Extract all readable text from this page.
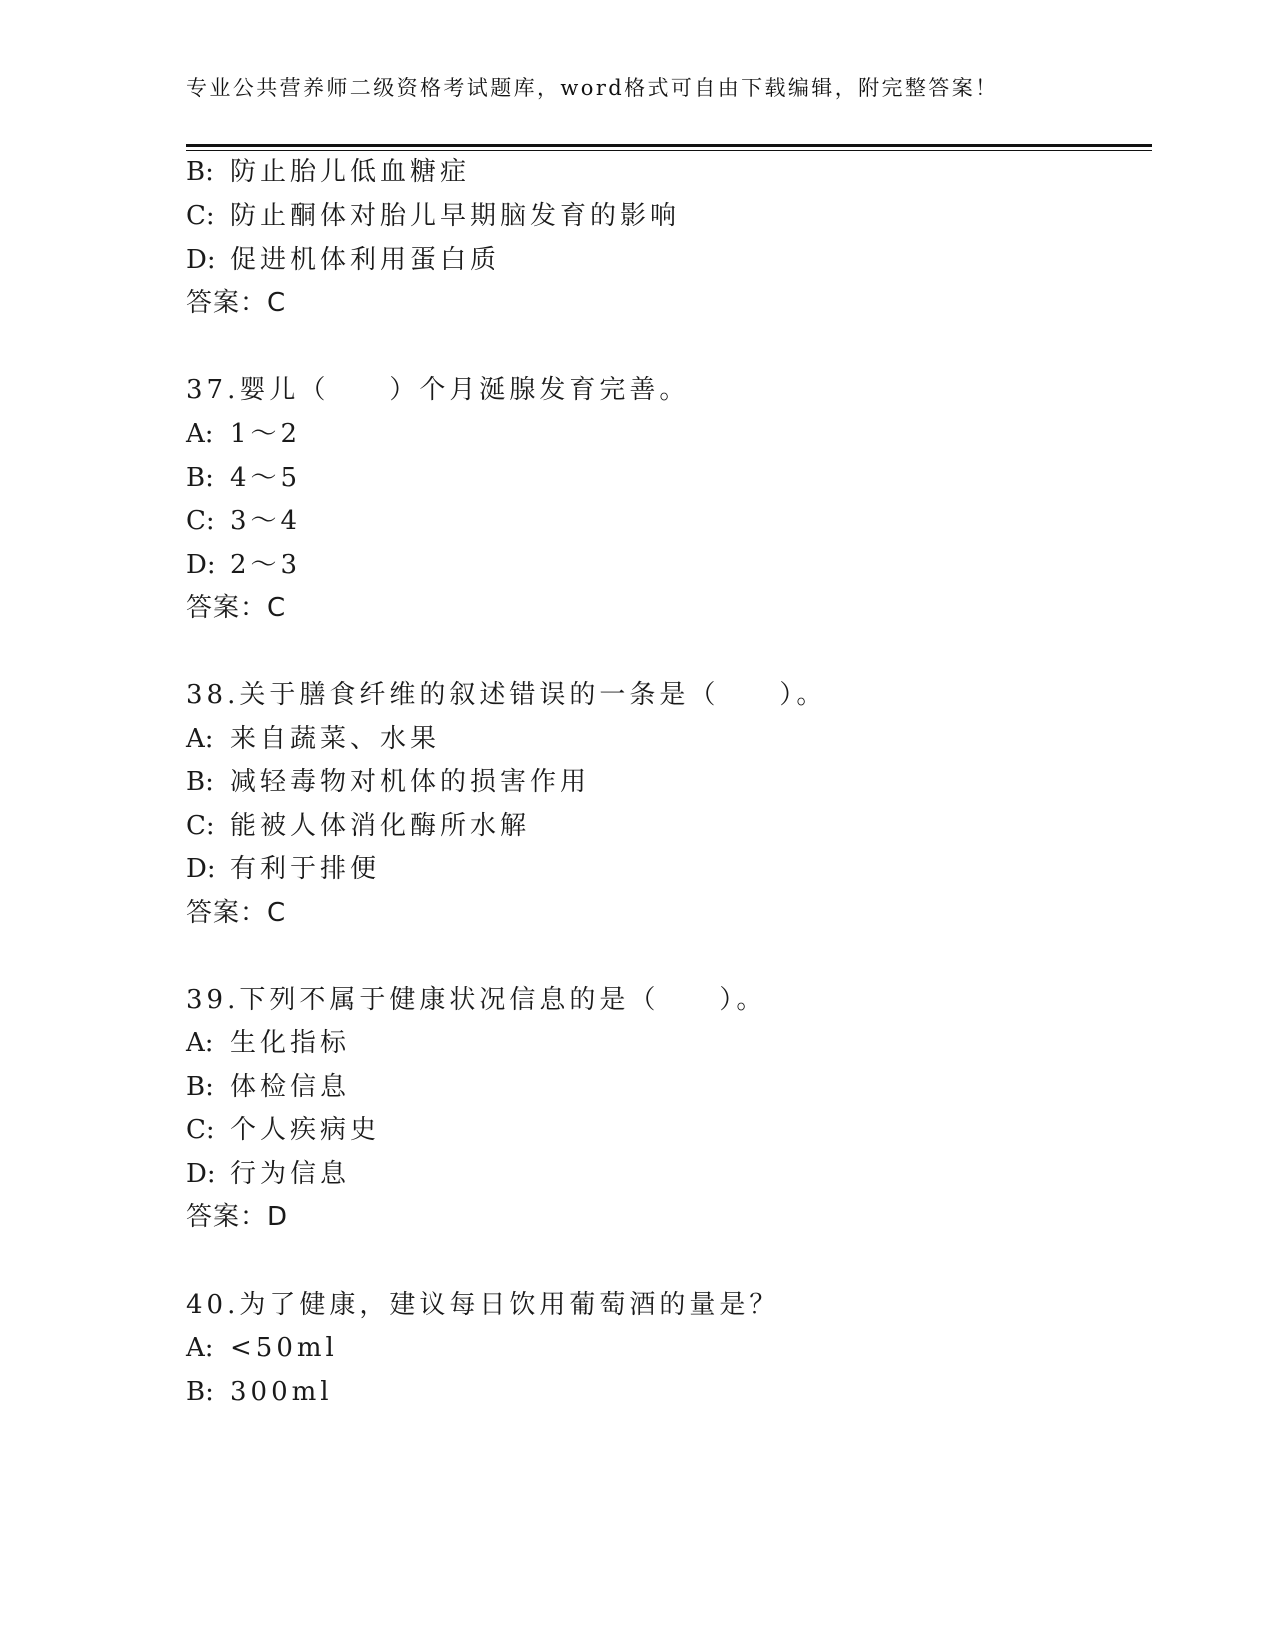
专业公共营养师二级资格考试题库，word格式可自由下载编辑，附完整答案！
B: 防止胎儿低血糖症
C: 防止酮体对胎儿早期脑发育的影响
D: 促进机体利用蛋白质
答案：C
37.婴儿（　　）个月涎腺发育完善。
A: 1～2
B: 4～5
C: 3～4
D: 2～3
答案：C
38.关于膳食纤维的叙述错误的一条是（　　）。
A: 来自蔬菜、水果
B: 减轻毒物对机体的损害作用
C: 能被人体消化酶所水解
D: 有利于排便
答案：C
39.下列不属于健康状况信息的是（　　）。
A: 生化指标
B: 体检信息
C: 个人疾病史
D: 行为信息
答案：D
40.为了健康，建议每日饮用葡萄酒的量是？
A: <50ml
B: 300ml
